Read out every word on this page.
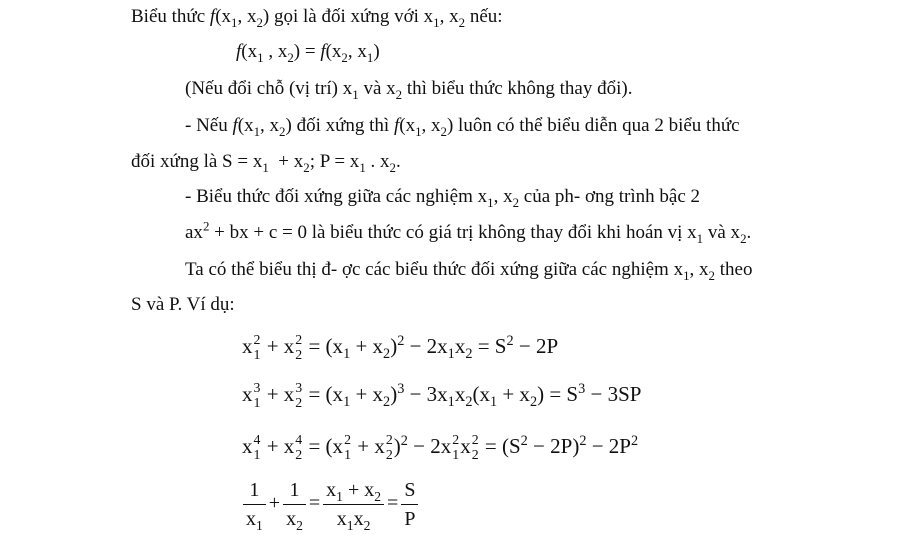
Biểu thức $f(x_1$, $x_2$) gọi là đối xứng với $x_1$, $x_2$ nếu:
$f(x_1$ , $x_2) = f(x_2$, $x_1$)
(Nếu đổi chỗ (vị trí) $x_1$ và $x_2$ thì biểu thức không thay đổi).
- Nếu $f(x_1$, $x_2$) đối xứng thì $f(x_1$, $x_2$) luôn có thể biểu diễn qua 2 biểu thức
đối xứng là $S = x_1 + x_2$; $P = x_1$ . $x_2$.
- Biểu thức đối xứng giữa các nghiệm $x_1$, $x_2$ của ph- ơng trình bậc 2
$ax^2$ + bx + c = 0 là biểu thức có giá trị không thay đổi khi hoán vị $x_1$ và $x_2$.
Ta có thể biểu thị đ- ợc các biểu thức đối xứng giữa các nghiệm $x_1$, $x_2$ theo
S và P. Ví dụ:
x 2
1 + x 2
$2 = (x_1 + x_2)^2 - 2x_1x_2 = S^2 - 2P$
x 3
1 + x 3
$2 = (x_1 + x_2)^3 - 3x_1x_2(x_1 + x_2) = S^3 - 3SP$
x 4
1 + x 4
2 = (x 2
1 + x 2
2 )$^2$ − 2x 2
1 x 2
$2 = (S^2 - 2P)^2 - 2P^2$
$\frac{1}{x_1} + \frac{1}{x_2} = \frac{x_1 + x_2}{x_1x_2} = \frac{S}{P}$
